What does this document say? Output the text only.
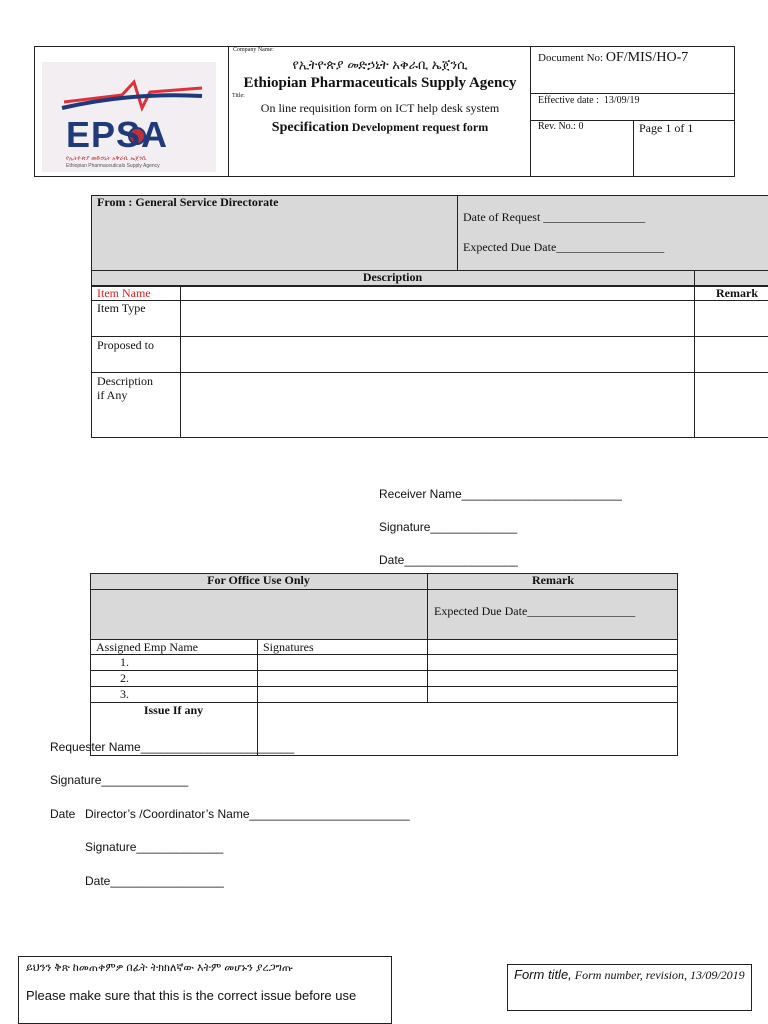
EPSA
የኢትዮጵያ መድኃኒት አቅራቢ ኤጀንሲ
Ethiopian Pharmaceuticals Supply Agency
Company Name:
የኢትዮጵያ መድኃኒት አቅራቢ ኤጀንሲ
Ethiopian Pharmaceuticals Supply Agency
Title:
On line requisition form on ICT help desk system
Specification Development request form
Document No: OF/MIS/HO-7
Effective date :  13/09/19
Rev. No.: 0	Page 1 of 1
From : General Service Directorate
Date of Request _________________
Expected Due Date__________________
Description
Item Name	Remark
Item Type
Proposed to
Description
if Any
Receiver Name________________________
Signature_____________
Date_________________
For Office Use Only	Remark
Expected Due Date__________________
Assigned Emp Name	Signatures
1.
2.
3.
Issue If any
Requester Name_______________________
Signature_____________
Date Director’s /Coordinator’s Name________________________
Signature_____________
Date_________________
ይህንን ቅጽ ከመጠቀምዎ በፊት ትክክለኛው እትም መሆኑን ያረጋግጡ
Please make sure that this is the correct issue before use
Form title, Form number, revision, 13/09/2019
